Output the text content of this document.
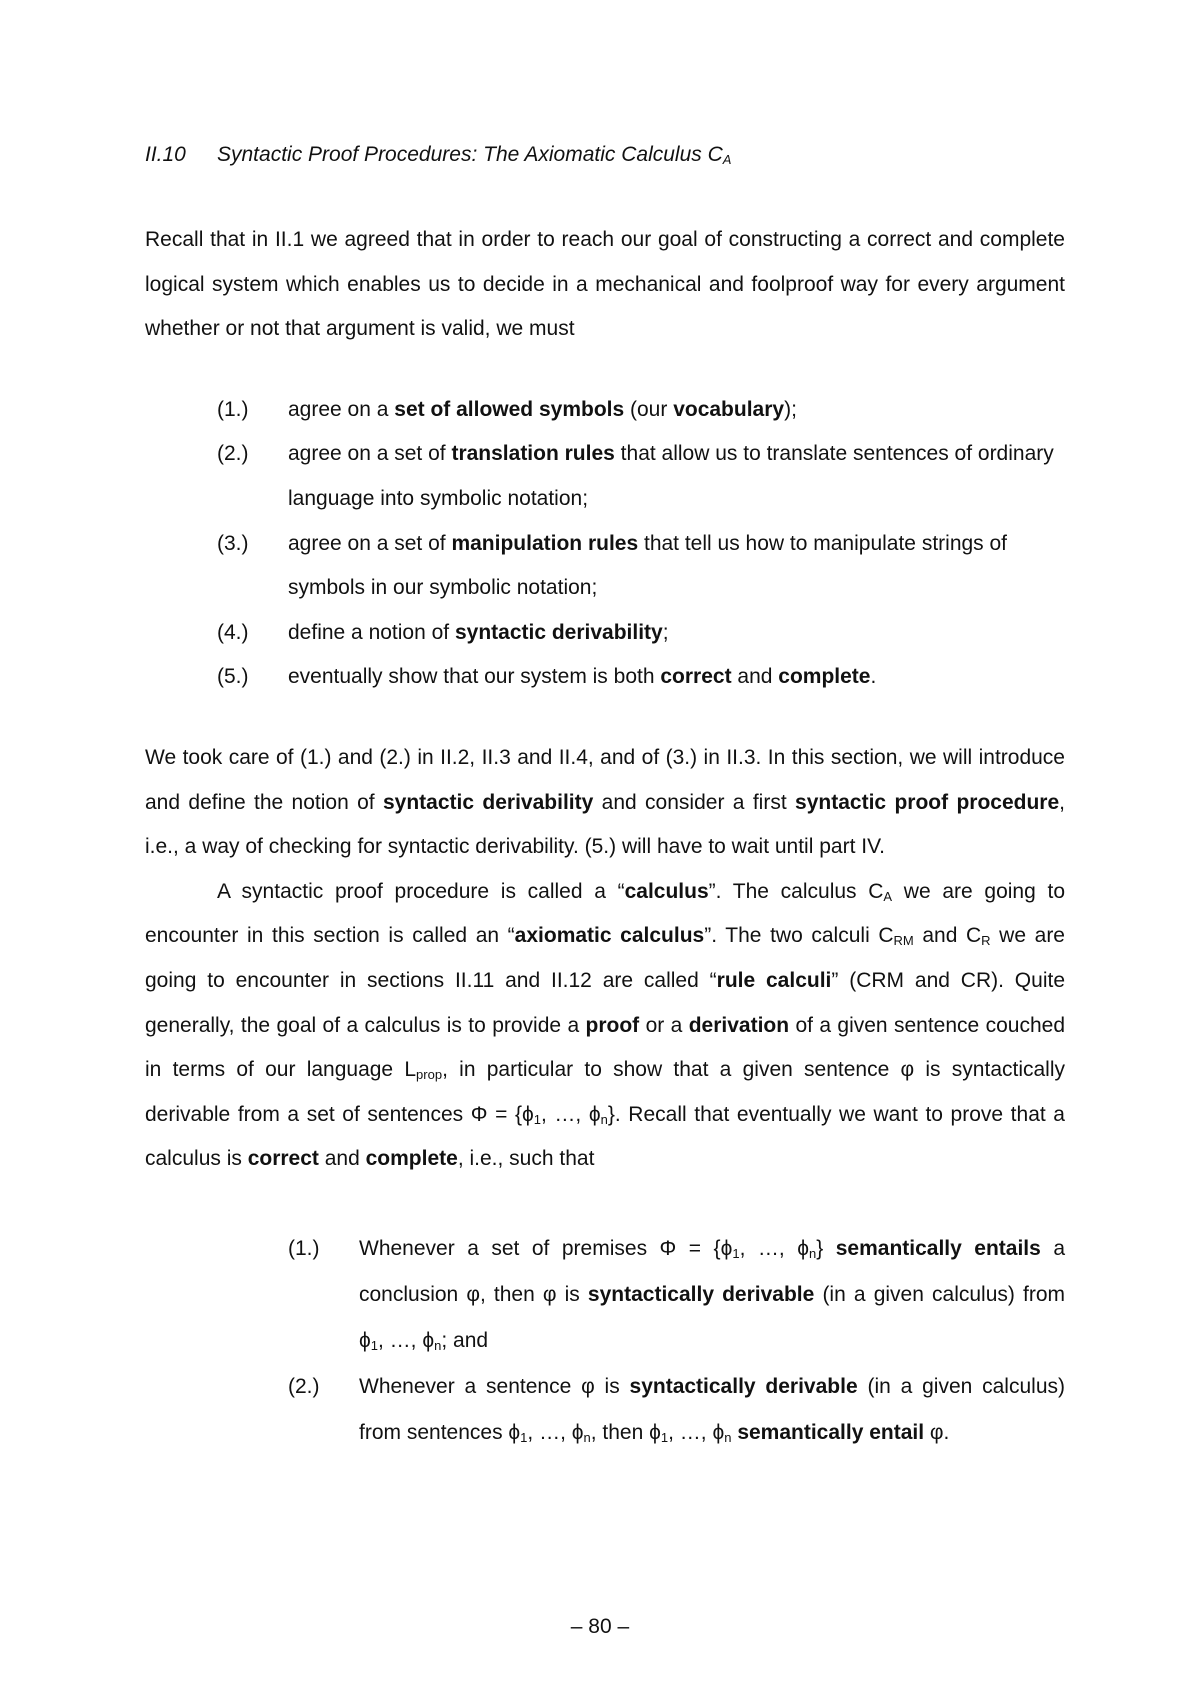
II.10 Syntactic Proof Procedures: The Axiomatic Calculus $C_A$

Recall that in II.1 we agreed that in order to reach our goal of constructing a correct and complete logical system which enables us to decide in a mechanical and foolproof way for every argument whether or not that argument is valid, we must

(1.) agree on a set of allowed symbols (our vocabulary);
(2.) agree on a set of translation rules that allow us to translate sentences of ordinary language into symbolic notation;
(3.) agree on a set of manipulation rules that tell us how to manipulate strings of symbols in our symbolic notation;
(4.) define a notion of syntactic derivability;
(5.) eventually show that our system is both correct and complete.

We took care of (1.) and (2.) in II.2, II.3 and II.4, and of (3.) in II.3. In this section, we will introduce and define the notion of syntactic derivability and consider a first syntactic proof procedure, i.e., a way of checking for syntactic derivability. (5.) will have to wait until part IV.

A syntactic proof procedure is called a “calculus”. The calculus $C_A$ we are going to encounter in this section is called an “axiomatic calculus”. The two calculi $C_{RM}$ and $C_R$ we are going to encounter in sections II.11 and II.12 are called “rule calculi” (CRM and CR). Quite generally, the goal of a calculus is to provide a proof or a derivation of a given sentence couched in terms of our language $L_{prop}$, in particular to show that a given sentence φ is syntactically derivable from a set of sentences $\Phi = \{\phi_1$, …, $\phi_n$}. Recall that eventually we want to prove that a calculus is correct and complete, i.e., such that

(1.) Whenever a set of premises $\Phi = \{\phi_1$, …, $\phi_n$} semantically entails a conclusion φ, then φ is syntactically derivable (in a given calculus) from $\phi_1$, …, $\phi_n$; and
(2.) Whenever a sentence φ is syntactically derivable (in a given calculus) from sentences $\phi_1$, …, $\phi_n$, then $\phi_1$, …, $\phi_n$ semantically entail φ.
– 80 –
